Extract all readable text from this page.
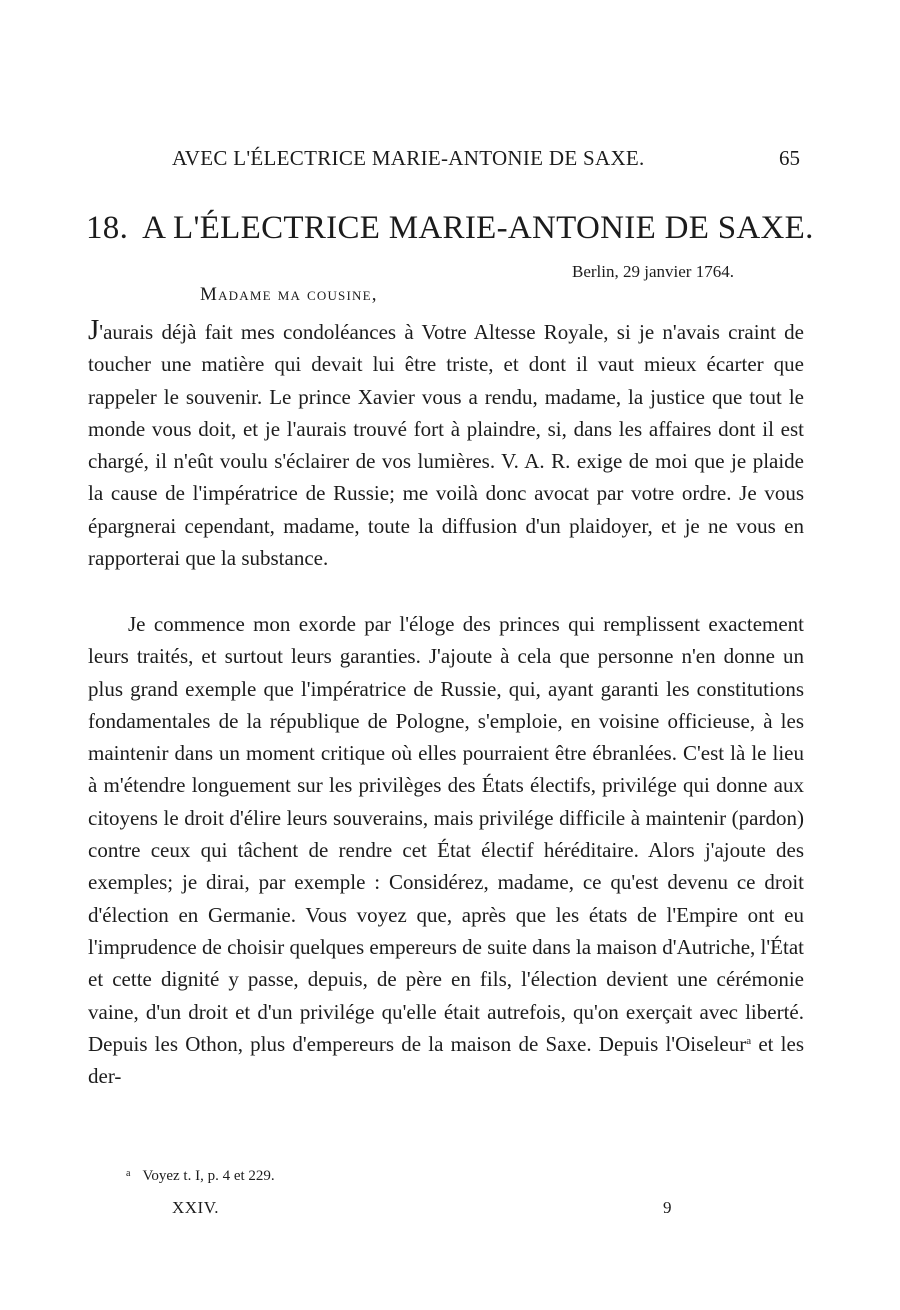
AVEC L'ÉLECTRICE MARIE-ANTONIE DE SAXE.	65
18. A L'ÉLECTRICE MARIE-ANTONIE DE SAXE.
Berlin, 29 janvier 1764.
Madame ma cousine,

J'aurais déjà fait mes condoléances à Votre Altesse Royale, si je n'avais craint de toucher une matière qui devait lui être triste, et dont il vaut mieux écarter que rappeler le souvenir. Le prince Xavier vous a rendu, madame, la justice que tout le monde vous doit, et je l'aurais trouvé fort à plaindre, si, dans les affaires dont il est chargé, il n'eût voulu s'éclairer de vos lumières. V. A. R. exige de moi que je plaide la cause de l'impératrice de Russie; me voilà donc avocat par votre ordre. Je vous épargnerai cependant, madame, toute la diffusion d'un plaidoyer, et je ne vous en rapporterai que la substance.

Je commence mon exorde par l'éloge des princes qui remplissent exactement leurs traités, et surtout leurs garanties. J'ajoute à cela que personne n'en donne un plus grand exemple que l'impératrice de Russie, qui, ayant garanti les constitutions fondamentales de la république de Pologne, s'emploie, en voisine officieuse, à les maintenir dans un moment critique où elles pourraient être ébranlées. C'est là le lieu à m'étendre longuement sur les privilèges des États électifs, privilége qui donne aux citoyens le droit d'élire leurs souverains, mais privilége difficile à maintenir (pardon) contre ceux qui tâchent de rendre cet État électif héréditaire. Alors j'ajoute des exemples; je dirai, par exemple : Considérez, madame, ce qu'est devenu ce droit d'élection en Germanie. Vous voyez que, après que les états de l'Empire ont eu l'imprudence de choisir quelques empereurs de suite dans la maison d'Autriche, l'État et cette dignité y passe, depuis, de père en fils, l'élection devient une cérémonie vaine, d'un droit et d'un privilége qu'elle était autrefois, qu'on exerçait avec liberté. Depuis les Othon, plus d'empereurs de la maison de Saxe. Depuis l'Oiseleur$^a$ et les der-

$^a$ Voyez t. I, p. 4 et 229.
XXIV.	9
